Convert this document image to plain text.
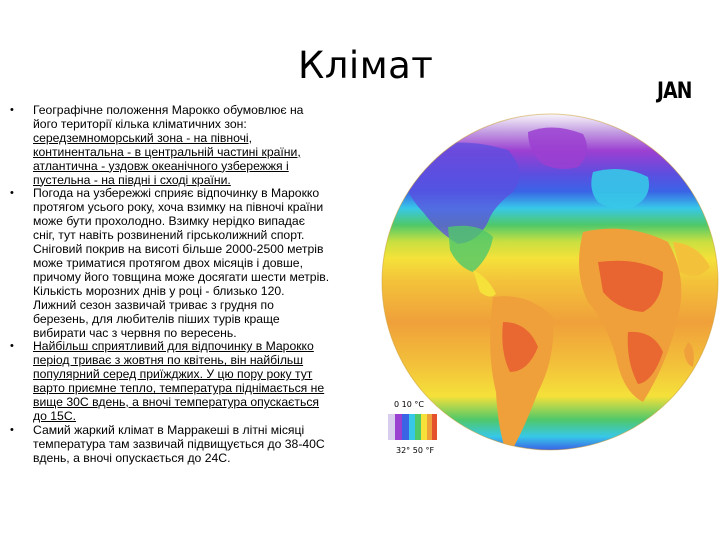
Клімат
• Географічне положення Марокко обумовлює на
його території кілька кліматичних зон:
середземноморський зона - на півночі,
континентальна - в центральній частині країни,
атлантична - уздовж океанічного узбережжя і
пустельна - на півдні і сході країни.
• Погода на узбережжі сприяє відпочинку в Марокко
протягом усього року, хоча взимку на півночі країни
може бути прохолодно. Взимку нерідко випадає
сніг, тут навіть розвинений гірськолижний спорт.
Сніговий покрив на висоті більше 2000-2500 метрів
може триматися протягом двох місяців і довше,
причому його товщина може досягати шести метрів.
Кількість морозних днів у році - близько 120.
Лижний сезон зазвичай триває з грудня по
березень, для любителів піших турів краще
вибирати час з червня по вересень.
• Найбільш сприятливий для відпочинку в Марокко
період триває з жовтня по квітень, він найбільш
популярний серед приїжджих. У цю пору року тут
варто приємне тепло, температура піднімається не
вище 30С вдень, а вночі температура опускається
до 15С.
• Самий жаркий клімат в Марракеші в літні місяці
температура там зазвичай підвищується до 38-40С
вдень, а вночі опускається до 24С.
JAN
0 10 °C
32° 50 °F
